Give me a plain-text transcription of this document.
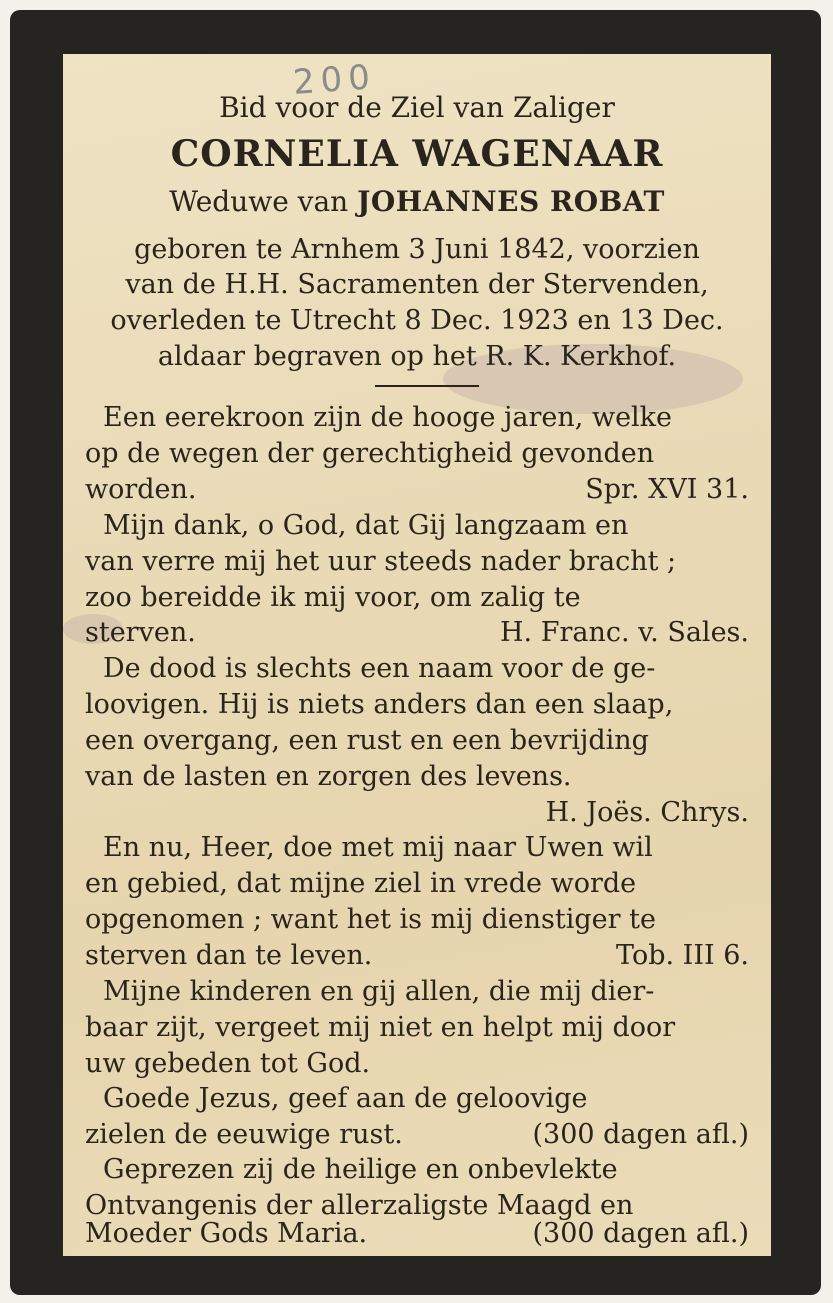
200
Bid voor de Ziel van Zaliger
CORNELIA WAGENAAR
Weduwe van JOHANNES ROBAT
geboren te Arnhem 3 Juni 1842, voorzien
van de H.H. Sacramenten der Stervenden,
overleden te Utrecht 8 Dec. 1923 en 13 Dec.
aldaar begraven op het R. K. Kerkhof.
Een eerekroon zijn de hooge jaren, welke
op de wegen der gerechtigheid gevonden
worden.	Spr. XVI 31.
Mijn dank, o God, dat Gij langzaam en
van verre mij het uur steeds nader bracht ;
zoo bereidde ik mij voor, om zalig te
sterven.	H. Franc. v. Sales.
De dood is slechts een naam voor de ge-
loovigen. Hij is niets anders dan een slaap,
een overgang, een rust en een bevrijding
van de lasten en zorgen des levens.
H. Joës. Chrys.
En nu, Heer, doe met mij naar Uwen wil
en gebied, dat mijne ziel in vrede worde
opgenomen ; want het is mij dienstiger te
sterven dan te leven.	Tob. III 6.
Mijne kinderen en gij allen, die mij dier-
baar zijt, vergeet mij niet en helpt mij door
uw gebeden tot God.
Goede Jezus, geef aan de geloovige
zielen de eeuwige rust.	(300 dagen afl.)
Geprezen zij de heilige en onbevlekte
Ontvangenis der allerzaligste Maagd en
Moeder Gods Maria.	(300 dagen afl.)
